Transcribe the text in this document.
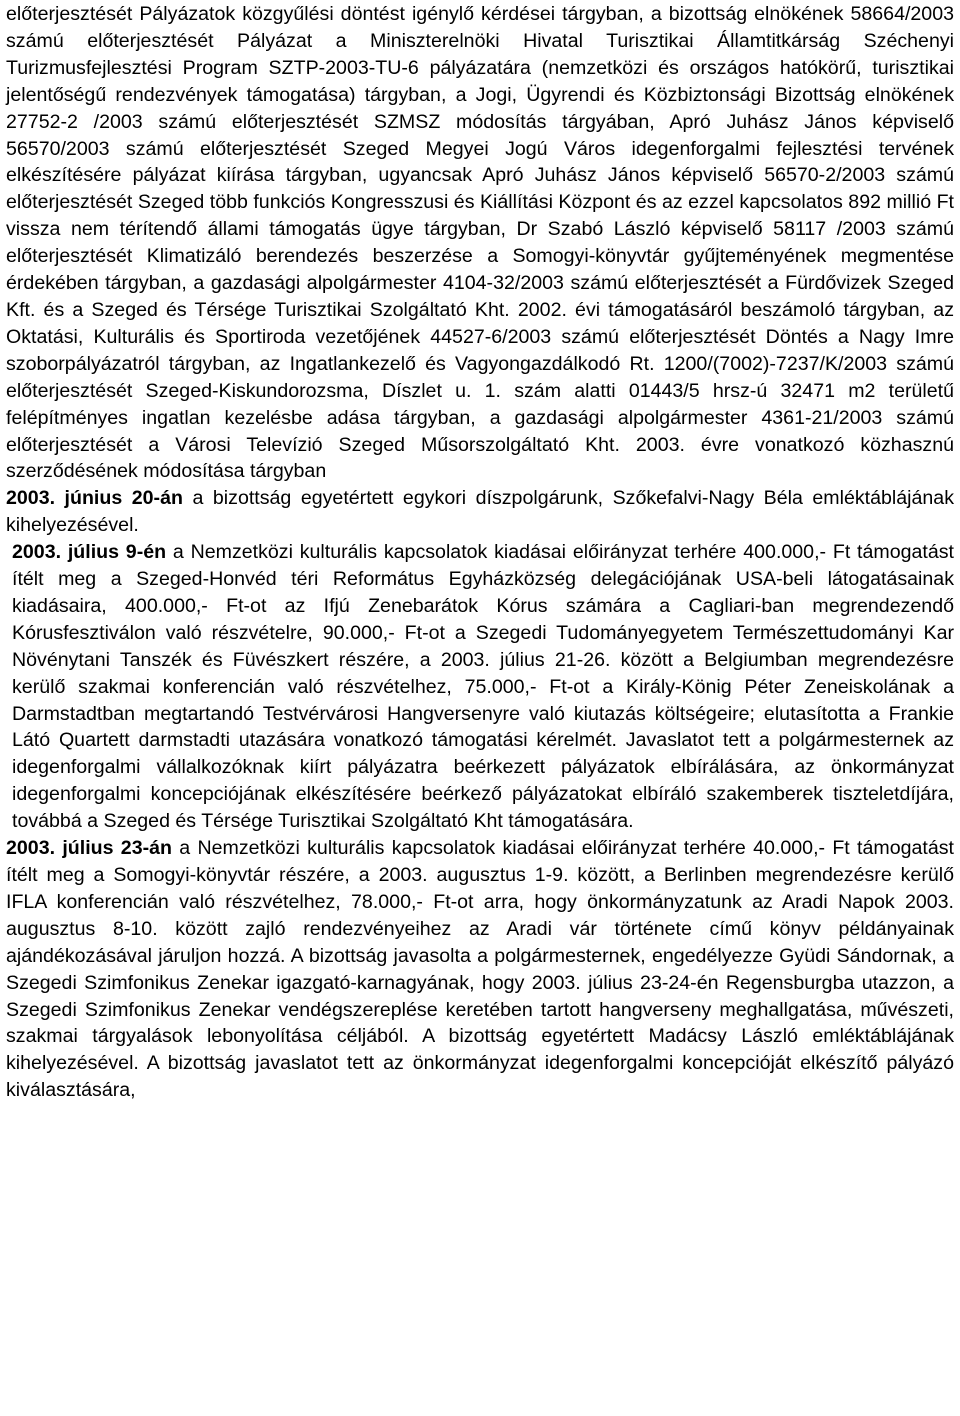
előterjesztését Pályázatok közgyűlési döntést igénylő kérdései tárgyban, a bizottság elnökének 58664/2003 számú előterjesztését Pályázat a Miniszterelnöki Hivatal Turisztikai Államtitkárság Széchenyi Turizmusfejlesztési Program SZTP-2003-TU-6 pályázatára (nemzetközi és országos hatókörű, turisztikai jelentőségű rendezvények támogatása) tárgyban, a Jogi, Ügyrendi és Közbiztonsági Bizottság elnökének 27752-2 /2003 számú előterjesztését SZMSZ módosítás tárgyában, Apró Juhász János képviselő 56570/2003 számú előterjesztését Szeged Megyei Jogú Város idegenforgalmi fejlesztési tervének elkészítésére pályázat kiírása tárgyban, ugyancsak Apró Juhász János képviselő 56570-2/2003 számú előterjesztését Szeged több funkciós Kongresszusi és Kiállítási Központ és az ezzel kapcsolatos 892 millió Ft vissza nem térítendő állami támogatás ügye tárgyban, Dr Szabó László képviselő 58117 /2003 számú előterjesztését Klimatizáló berendezés beszerzése a Somogyi-könyvtár gyűjteményének megmentése érdekében tárgyban, a gazdasági alpolgármester 4104-32/2003 számú előterjesztését a Fürdővizek Szeged Kft. és a Szeged és Térsége Turisztikai Szolgáltató Kht. 2002. évi támogatásáról beszámoló tárgyban, az Oktatási, Kulturális és Sportiroda vezetőjének 44527-6/2003 számú előterjesztését Döntés a Nagy Imre szoborpályázatról tárgyban, az Ingatlankezelő és Vagyongazdálkodó Rt. 1200/(7002)-7237/K/2003 számú előterjesztését Szeged-Kiskundorozsma, Díszlet u. 1. szám alatti 01443/5 hrsz-ú 32471 m2 területű felépítményes ingatlan kezelésbe adása tárgyban, a gazdasági alpolgármester 4361-21/2003 számú előterjesztését a Városi Televízió Szeged Műsorszolgáltató Kht. 2003. évre vonatkozó közhasznú szerződésének módosítása tárgyban

2003. június 20-án a bizottság egyetértett egykori díszpolgárunk, Szőkefalvi-Nagy Béla emléktáblájának kihelyezésével.

2003. július 9-én a Nemzetközi kulturális kapcsolatok kiadásai előirányzat terhére 400.000,- Ft támogatást ítélt meg a Szeged-Honvéd téri Református Egyházközség delegációjának USA-beli látogatásainak kiadásaira, 400.000,- Ft-ot az Ifjú Zenebarátok Kórus számára a Cagliari-ban megrendezendő Kórusfesztiválon való részvételre, 90.000,- Ft-ot a Szegedi Tudományegyetem Természettudományi Kar Növénytani Tanszék és Füvészkert részére, a 2003. július 21-26. között a Belgiumban megrendezésre kerülő szakmai konferencián való részvételhez, 75.000,- Ft-ot a Király-König Péter Zeneiskolának a Darmstadtban megtartandó Testvérvárosi Hangversenyre való kiutazás költségeire; elutasította a Frankie Látó Quartett darmstadti utazására vonatkozó támogatási kérelmét. Javaslatot tett a polgármesternek az idegenforgalmi vállalkozóknak kiírt pályázatra beérkezett pályázatok elbírálására, az önkormányzat idegenforgalmi koncepciójának elkészítésére beérkező pályázatokat elbíráló szakemberek tiszteletdíjára, továbbá a Szeged és Térsége Turisztikai Szolgáltató Kht támogatására.

2003. július 23-án a Nemzetközi kulturális kapcsolatok kiadásai előirányzat terhére 40.000,- Ft támogatást ítélt meg a Somogyi-könyvtár részére, a 2003. augusztus 1-9. között, a Berlinben megrendezésre kerülő IFLA konferencián való részvételhez, 78.000,- Ft-ot arra, hogy önkormányzatunk az Aradi Napok 2003. augusztus 8-10. között zajló rendezvényeihez az Aradi vár története című könyv példányainak ajándékozásával járuljon hozzá. A bizottság javasolta a polgármesternek, engedélyezze Gyüdi Sándornak, a Szegedi Szimfonikus Zenekar igazgató-karnagyának, hogy 2003. július 23-24-én Regensburgba utazzon, a Szegedi Szimfonikus Zenekar vendégszereplése keretében tartott hangverseny meghallgatása, művészeti, szakmai tárgyalások lebonyolítása céljából. A bizottság egyetértett Madácsy László emléktáblájának kihelyezésével. A bizottság javaslatot tett az önkormányzat idegenforgalmi koncepcióját elkészítő pályázó kiválasztására,
